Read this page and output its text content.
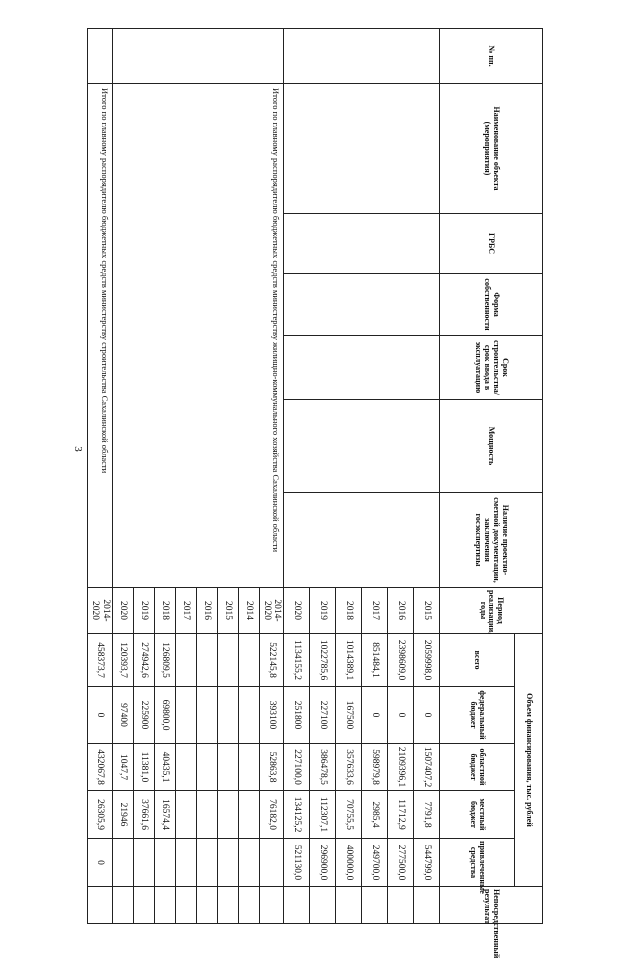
3
№ пп.	Наименование объекта (мероприятия)	ГРБС	Форма собственности	Срок строительства/срок ввода в эксплуатацию	Мощность	Наличие проектно-сметной документации, заключения госэкспертизы	Период реализации, годы	Объем финансирования, тыс. рублей					Непосредственный результат
								всего	федеральный бюджет	областной бюджет	местный бюджет	привлеченные средства	
							2015	2059998,0	0	1507407,2	7791,8	544799,0	
							2016	2398609,0	0	2109396,1	11712,9	277500,0	
							2017	851484,1	0	598979,8	2985,4	249700,0	
							2018	1014389,1	167500	357633,6	70755,5	400000,0	
							2019	1022785,6	227100	386478,5	112307,1	296900,0	
							2020	1134155,2	251800	227100,0	134125,2	521130,0	
	Итого по главному распорядителю бюджетных средств министерству жилищно-коммунального хозяйства Сахалинской области						2014-2020	522145,8	393100	52863,8	76182,0		
							2014						
							2015						
							2016						
							2017						
							2018	126809,5	69800,0	40435,1	16574,4		
							2019	274942,6	225900	11381,0	37661,6		
							2020	120393,7	97400	1047,7	21946		
	Итого по главному распорядителю бюджетных средств министерству строительства Сахалинской области						2014-2020	458373,7	0	432067,8	26305,9	0	
